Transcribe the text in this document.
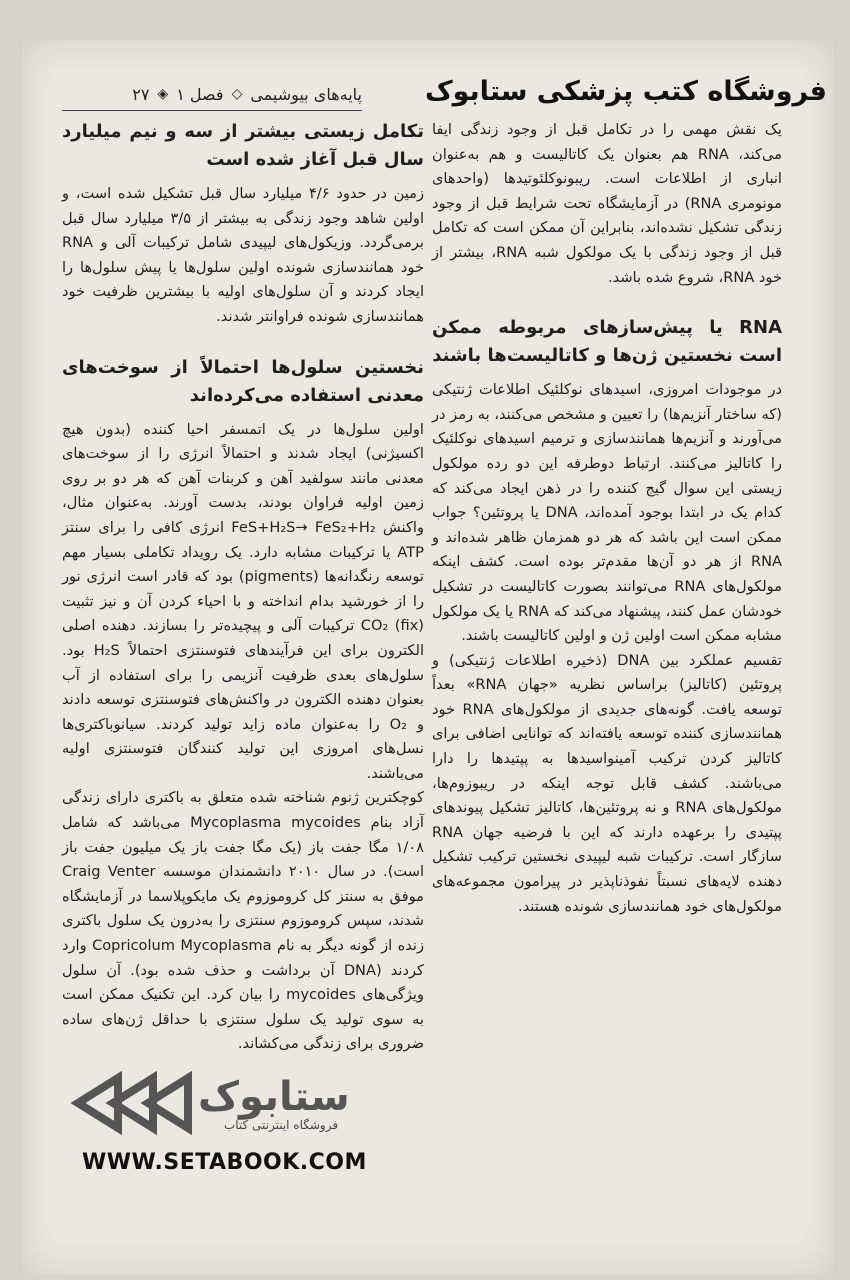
پایه‌های بیوشیمی
◇
فصل ۱
◈
۲۷	فروشگاه کتب پزشکی ستابوک

یک نقش مهمی را در تکامل قبل از وجود زندگی ایفا می‌کند، RNA هم بعنوان یک کاتالیست و هم به‌عنوان انباری از اطلاعات است. ریبونوکلئوتیدها (واحدهای مونومری RNA) در آزمایشگاه تحت شرایط قبل از وجود زندگی تشکیل نشده‌اند، بنابراین آن ممکن است که تکامل قبل از وجود زندگی با یک مولکول شبه RNA، بیشتر از خود RNA، شروع شده باشد.

RNA یا پیش‌سازهای مربوطه ممکن است نخستین ژن‌ها و کاتالیست‌ها باشند

در موجودات امروزی، اسیدهای نوکلئیک اطلاعات ژنتیکی (که ساختار آنزیم‌ها) را تعیین و مشخص می‌کنند، به رمز در می‌آورند و آنزیم‌ها همانندسازی و ترمیم اسیدهای نوکلئیک را کاتالیز می‌کنند. ارتباط دوطرفه این دو رده مولکول زیستی این سوال گیج کننده را در ذهن ایجاد می‌کند که کدام یک در ابتدا بوجود آمده‌اند، DNA یا پروتئین؟ جواب ممکن است این باشد که هر دو همزمان ظاهر شده‌اند و RNA از هر دو آن‌ها مقدم‌تر بوده است. کشف اینکه مولکول‌های RNA می‌توانند بصورت کاتالیست در تشکیل خودشان عمل کنند، پیشنهاد می‌کند که RNA یا یک مولکول مشابه ممکن است اولین ژن و اولین کاتالیست باشند.

تقسیم عملکرد بین DNA (ذخیره اطلاعات ژنتیکی) و پروتئین (کاتالیز) براساس نظریه «جهان RNA» بعداً توسعه یافت. گونه‌های جدیدی از مولکول‌های RNA خود همانندسازی کننده توسعه یافته‌اند که توانایی اضافی برای کاتالیز کردن ترکیب آمینواسیدها به پپتیدها را دارا می‌باشند. کشف قابل توجه اینکه در ریبوزوم‌ها، مولکول‌های RNA و نه پروتئین‌ها، کاتالیز تشکیل پیوندهای پپتیدی را برعهده دارند که این با فرضیه جهان RNA سازگار است. ترکیبات شبه لیپیدی نخستین ترکیب تشکیل دهنده لایه‌های نسبتاً نفوذناپذیر در پیرامون مجموعه‌های مولکول‌های خود همانندسازی شونده هستند.

تکامل زیستی بیشتر از سه و نیم میلیارد سال قبل آغاز شده است

زمین در حدود ۴/۶ میلیارد سال قبل تشکیل شده است، و اولین شاهد وجود زندگی به بیشتر از ۳/۵ میلیارد سال قبل برمی‌گردد. وزیکول‌های لیپیدی شامل ترکیبات آلی و RNA خود همانندسازی شونده اولین سلول‌ها یا پیش سلول‌ها را ایجاد کردند و آن سلول‌های اولیه با بیشترین ظرفیت خود همانندسازی شونده فراوانتر شدند.

نخستین سلول‌ها احتمالاً از سوخت‌های معدنی استفاده می‌کرده‌اند

اولین سلول‌ها در یک اتمسفر احیا کننده (بدون هیچ اکسیژنی) ایجاد شدند و احتمالاً انرژی را از سوخت‌های معدنی مانند سولفید آهن و کربنات آهن که هر دو بر روی زمین اولیه فراوان بودند، بدست آورند. به‌عنوان مثال، واکنش FeS+H₂S→ FeS₂+H₂ انرژی کافی را برای سنتز ATP یا ترکیبات مشابه دارد. یک رویداد تکاملی بسیار مهم توسعه رنگدانه‌ها (pigments) بود که قادر است انرژی نور را از خورشید بدام انداخته و با احیاء کردن آن و نیز تثبیت CO₂ (fix) ترکیبات آلی و پیچیده‌تر را بسازند. دهنده اصلی الکترون برای این فرآیندهای فتوسنتزی احتمالاً H₂S بود. سلول‌های بعدی ظرفیت آنزیمی را برای استفاده از آب بعنوان دهنده الکترون در واکنش‌های فتوسنتزی توسعه دادند و O₂ را به‌عنوان ماده زاید تولید کردند. سیانوباکتری‌ها نسل‌های امروزی این تولید کنندگان فتوسنتزی اولیه می‌باشند.

کوچکترین ژنوم شناخته شده متعلق به باکتری دارای زندگی آزاد بنام Mycoplasma mycoides می‌باشد که شامل ۱/۰۸ مگا جفت باز (یک مگا جفت باز یک میلیون جفت باز است). در سال ۲۰۱۰ دانشمندان موسسه Craig Venter موفق به سنتز کل کروموزوم یک مایکوپلاسما در آزمایشگاه شدند، سپس کروموزوم سنتزی را به‌درون یک سلول باکتری زنده از گونه دیگر به نام Copricolum Mycoplasma وارد کردند (DNA آن برداشت و حذف شده بود). آن سلول ویژگی‌های mycoides را بیان کرد. این تکنیک ممکن است به سوی تولید یک سلول سنتزی با حداقل ژن‌های ساده ضروری برای زندگی می‌کشاند.

ستابوک
فروشگاه اینترنتی کتاب
WWW.SETABOOK.COM
